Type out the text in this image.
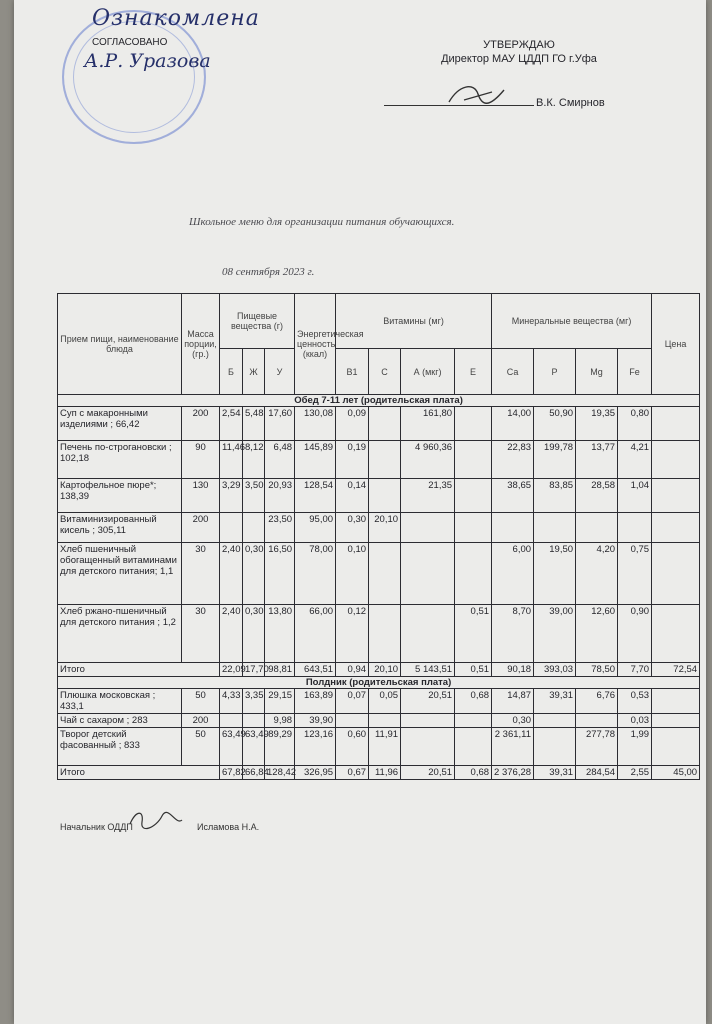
Ознакомлена
СОГЛАСОВАНО
А.Р. Уразова
УТВЕРЖДАЮ
Директор МАУ ЦДДП ГО г.Уфа
В.К. Смирнов
Школьное меню для организации питания обучающихся.
08 сентября 2023 г.
Прием пищи, наименование блюда	Масса порции, (гр.)	Пищевые вещества (г)			Энергетическая ценность (ккал)	Витамины (мг)				Минеральные вещества (мг)				Цена
		Б	Ж	У		В1	С	А (мкг)	Е	Са	Р	Mg	Fe	
Обед 7-11 лет (родительская плата)														
Суп с макаронными изделиями ; 66,42	200	2,54	5,48	17,60	130,08	0,09		161,80		14,00	50,90	19,35	0,80	
Печень по-строгановски ; 102,18	90	11,46	8,12	6,48	145,89	0,19		4 960,36		22,83	199,78	13,77	4,21	
Картофельное пюре*; 138,39	130	3,29	3,50	20,93	128,54	0,14		21,35		38,65	83,85	28,58	1,04	
Витаминизированный кисель ; 305,11	200			23,50	95,00	0,30	20,10							
Хлеб пшеничный обогащенный витаминами для детского питания; 1,1	30	2,40	0,30	16,50	78,00	0,10				6,00	19,50	4,20	0,75	
Хлеб ржано-пшеничный для детского питания ; 1,2	30	2,40	0,30	13,80	66,00	0,12			0,51	8,70	39,00	12,60	0,90	
Итого		22,09	17,70	98,81	643,51	0,94	20,10	5 143,51	0,51	90,18	393,03	78,50	7,70	72,54
Полдник (родительская плата)														
Плюшка московская ; 433,1	50	4,33	3,35	29,15	163,89	0,07	0,05	20,51	0,68	14,87	39,31	6,76	0,53	
Чай с сахаром ; 283	200			9,98	39,90					0,30			0,03	
Творог детский фасованный ; 833	50	63,49	63,49	89,29	123,16	0,60	11,91			2 361,11		277,78	1,99	
Итого		67,82	66,84	128,42	326,95	0,67	11,96	20,51	0,68	2 376,28	39,31	284,54	2,55	45,00
Начальник ОДДП	Исламова Н.А.
